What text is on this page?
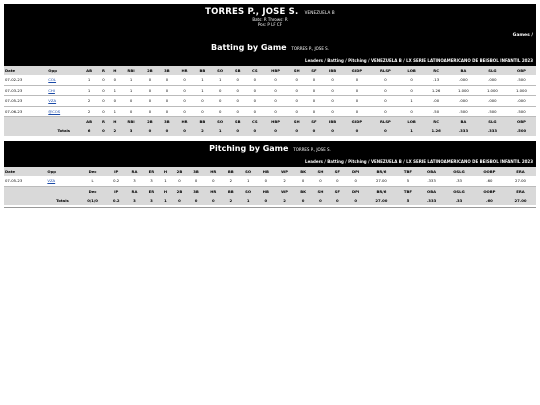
TORRES P., JOSE S. VENEZUELA B
Bats: R Throws: R
Pos: P LF CF
Games /
Batting by Game TORRES P., JOSE S.
Leaders / Batting / Pitching / VENEZUELA B / LX SERIE LATINOAMERICANO DE BEISBOL INFANTIL 2023
Date	Opp	AB	R	H	RBI	2B	3B	HR	BB	SO	SB	CS	HBP	SH	SF	IBB	GIDP	RLSP	LOB	RC	BA	SLG	OBP
07-02-23	COL	1	0	0	1	0	0	0	1	1	0	0	0	0	0	0	0	0	0	.13	.000	.000	.500
07-03-23	CHI	1	0	1	1	0	0	0	1	0	0	0	0	0	0	0	0	0	0	1.26	1.000	1.000	1.000
07-05-23	VZA	2	0	0	0	0	0	0	0	0	0	0	0	0	0	0	0	0	1	.00	.000	.000	.000
07-06-23	@COS	2	0	1	0	0	0	0	0	0	0	0	0	0	0	0	0	0	0	.50	.500	.500	.500
		AB	R	H	RBI	2B	3B	HR	BB	SO	SB	CS	HBP	SH	SF	IBB	GIDP	RLSP	LOB	RC	BA	SLG	OBP
	Totals	6	0	2	3	0	0	0	2	1	0	0	0	0	0	0	0	0	1	1.26	.333	.333	.500
Pitching by Game TORRES P., JOSE S.
Leaders / Batting / Pitching / VENEZUELA B / LX SERIE LATINOAMERICANO DE BEISBOL INFANTIL 2023
Date	Opp	Dec	IP	RA	ER	H	2B	3B	HR	BB	SO	HB	WP	BK	SH	SF	DPI	BR/6	TBF	OBA	OSLG	OOBP	ERA
07-05-23	VZA	L	0.2	3	3	1	0	0	0	2	1	0	2	0	0	0	0	27.00	5	.333	.33	.60	27.00
		Dec	IP	RA	ER	H	2B	3B	HR	BB	SO	HB	WP	BK	SH	SF	DPI	BR/6	TBF	OBA	OSLG	OOBP	ERA
	Totals	0/1/0	0.2	3	3	1	0	0	0	2	1	0	2	0	0	0	0	27.00	5	.333	.33	.60	27.00
